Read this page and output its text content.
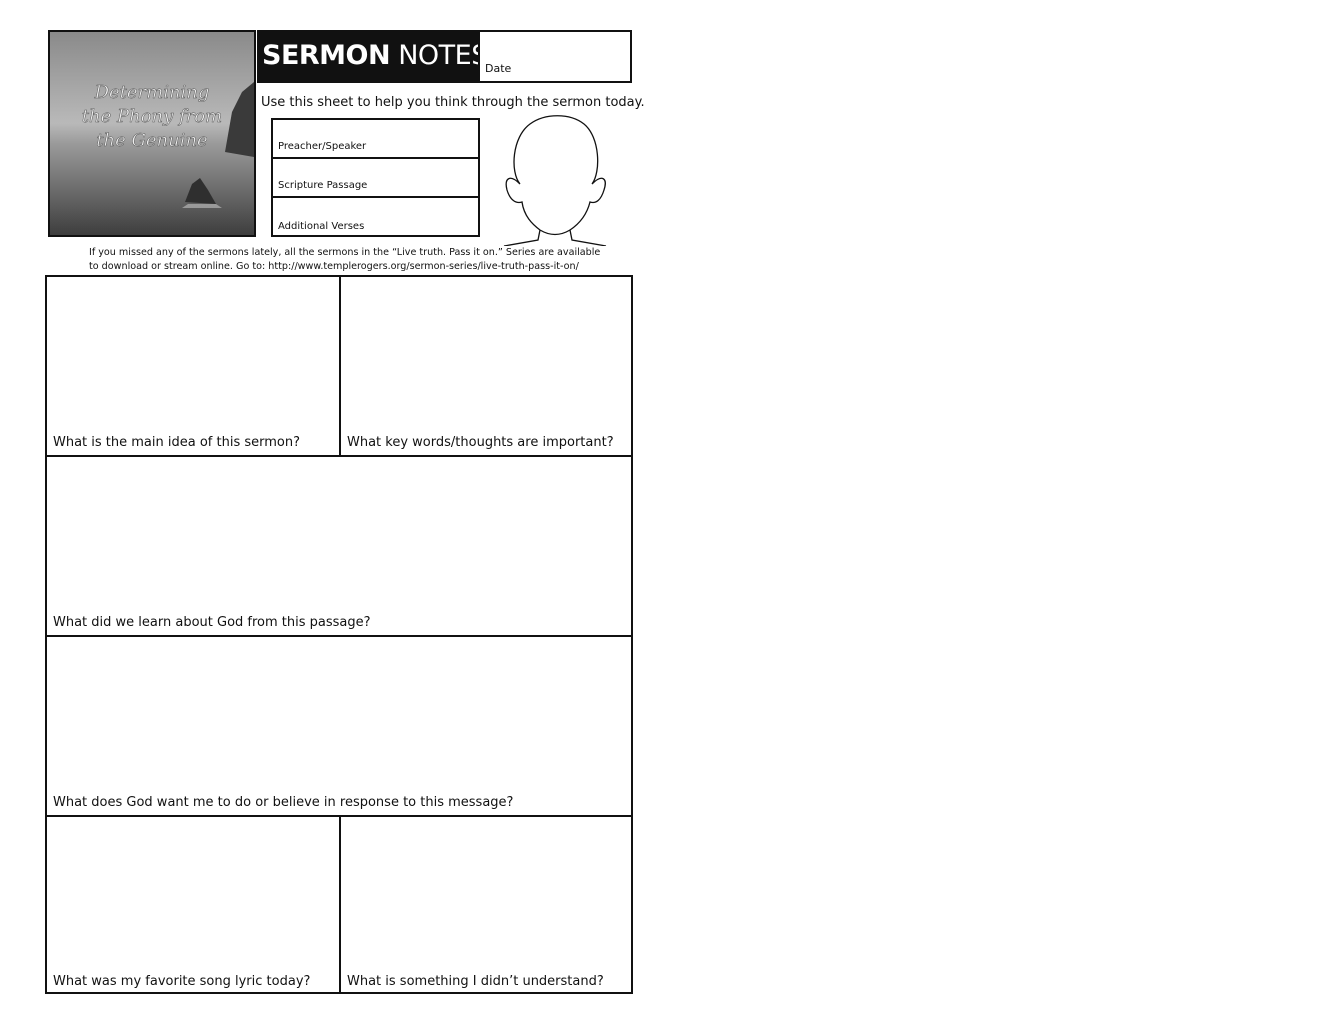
Determining
the Phony from
the Genuine
SERMON NOTES
Date
Use this sheet to help you think through the sermon today.
Preacher/Speaker
Scripture Passage
Additional Verses
If you missed any of the sermons lately, all the sermons in the “Live truth. Pass it on.” Series are available
to download or stream online. Go to: http://www.templerogers.org/sermon-series/live-truth-pass-it-on/
What is the main idea of this sermon?	What key words/thoughts are important?
What did we learn about God from this passage?
What does God want me to do or believe in response to this message?
What was my favorite song lyric today?	What is something I didn’t understand?
